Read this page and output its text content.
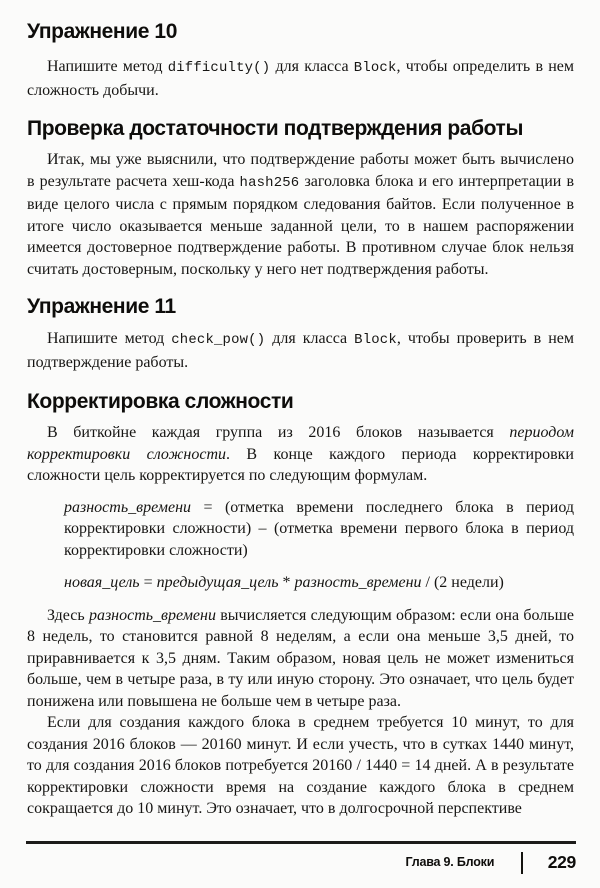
Упражнение 10

Напишите метод difficulty() для класса Block, чтобы определить в нем сложность добычи.

Проверка достаточности подтверждения работы

Итак, мы уже выяснили, что подтверждение работы может быть вычислено в результате расчета хеш-кода hash256 заголовка блока и его интерпретации в виде целого числа с прямым порядком следования байтов. Если полученное в итоге число оказывается меньше заданной цели, то в нашем распоряжении имеется достоверное подтверждение работы. В противном случае блок нельзя считать достоверным, поскольку у него нет подтверждения работы.

Упражнение 11

Напишите метод check_pow() для класса Block, чтобы проверить в нем подтверждение работы.

Корректировка сложности

В биткойне каждая группа из 2016 блоков называется периодом корректировки сложности. В конце каждого периода корректировки сложности цель корректируется по следующим формулам.

разность_времени = (отметка времени последнего блока в период корректировки сложности) – (отметка времени первого блока в период корректировки сложности)

новая_цель = предыдущая_цель * разность_времени / (2 недели)

Здесь разность_времени вычисляется следующим образом: если она больше 8 недель, то становится равной 8 неделям, а если она меньше 3,5 дней, то приравнивается к 3,5 дням. Таким образом, новая цель не может измениться больше, чем в четыре раза, в ту или иную сторону. Это означает, что цель будет понижена или повышена не больше чем в четыре раза.

Если для создания каждого блока в среднем требуется 10 минут, то для создания 2016 блоков — 20160 минут. И если учесть, что в сутках 1440 минут, то для создания 2016 блоков потребуется 20160 / 1440 = 14 дней. А в результате корректировки сложности время на создание каждого блока в среднем сокращается до 10 минут. Это означает, что в долгосрочной перспективе

Глава 9. Блоки	229
